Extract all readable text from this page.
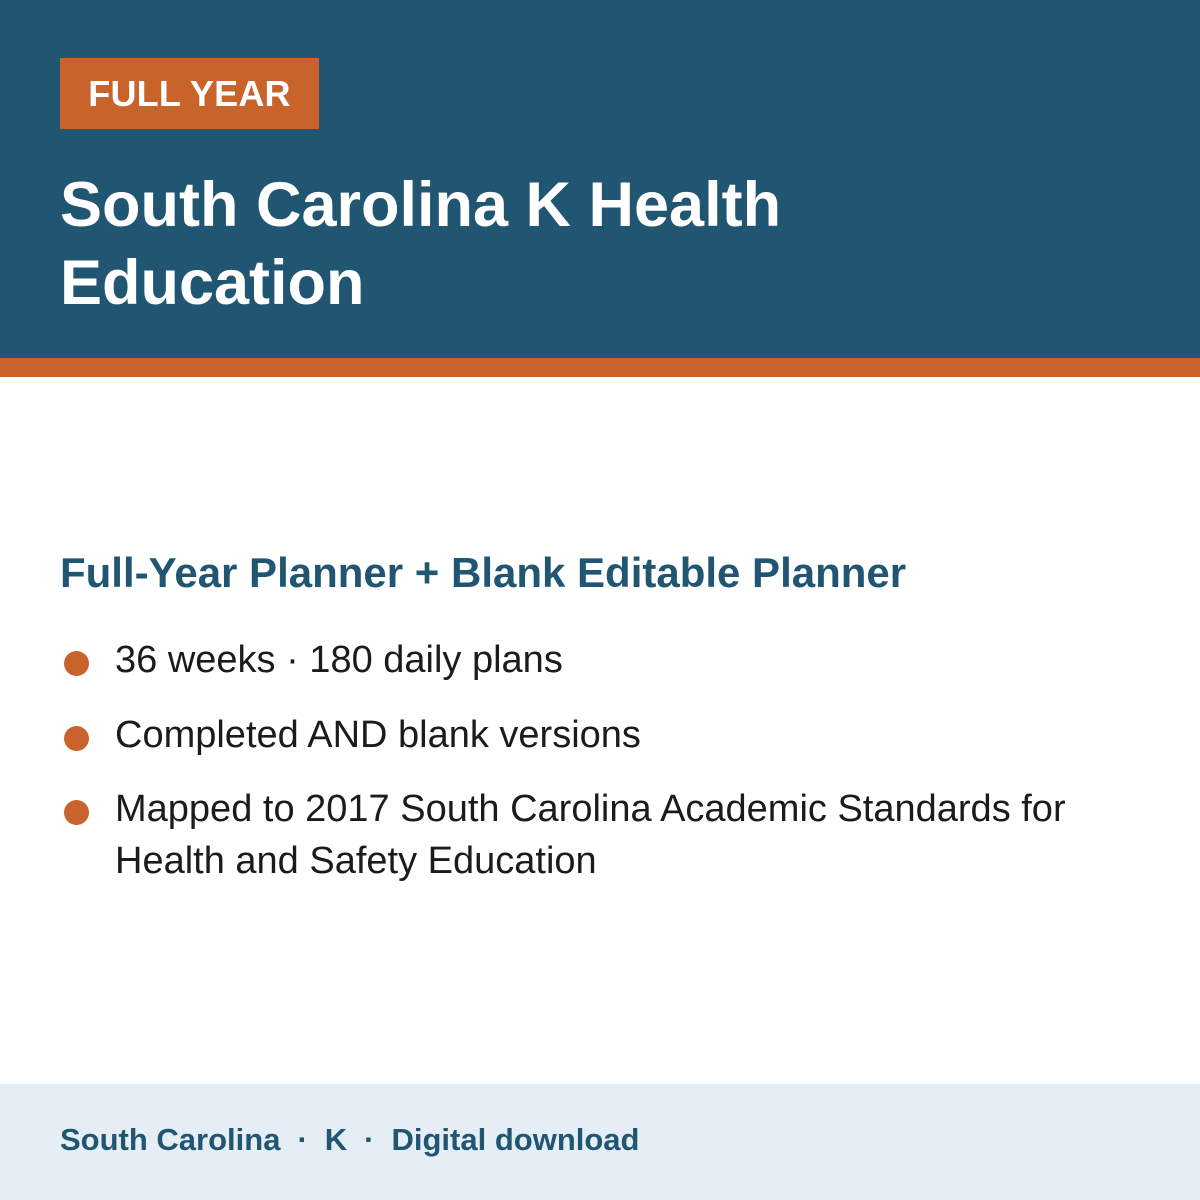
FULL YEAR
South Carolina K Health Education
Full-Year Planner + Blank Editable Planner
36 weeks · 180 daily plans
Completed AND blank versions
Mapped to 2017 South Carolina Academic Standards for Health and Safety Education
South Carolina · K · Digital download
